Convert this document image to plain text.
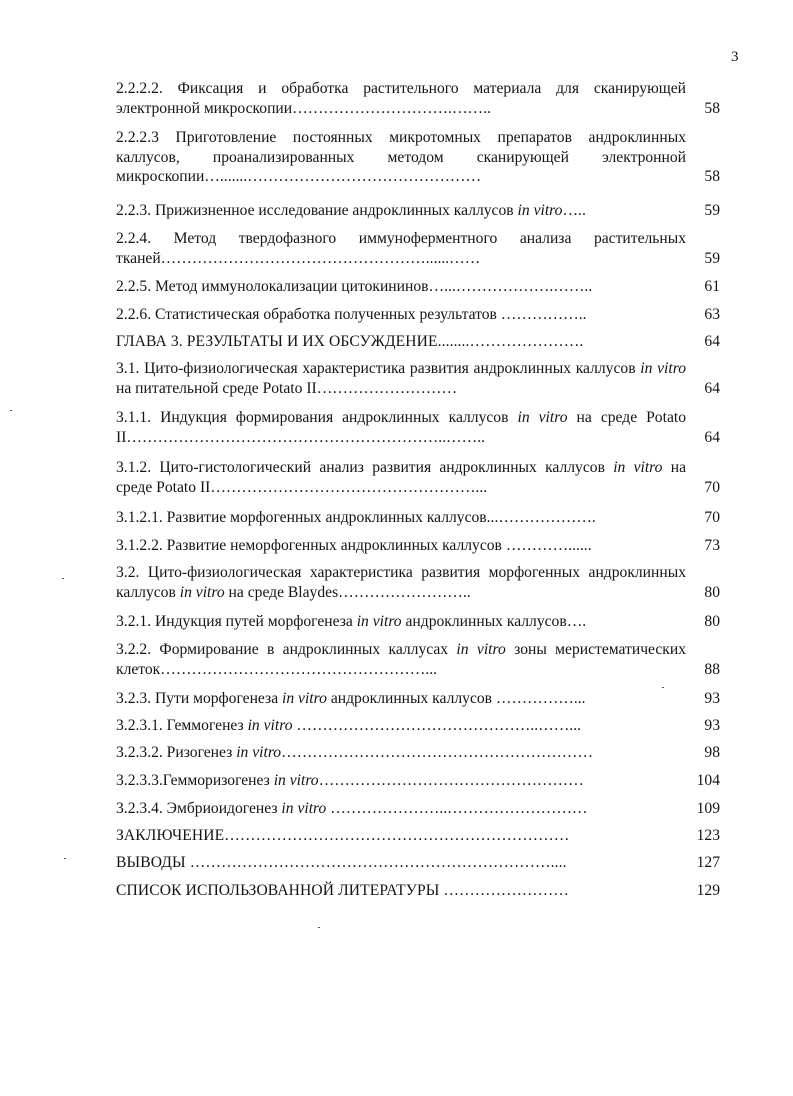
3
2.2.2.2. Фиксация и обработка растительного материала для сканирующей электронной микроскопии………………………….……..	58
2.2.2.3 Приготовление постоянных микротомных препаратов андроклинных каллусов, проанализированных методом сканирующей электронной микроскопии….......………………………………………	58
2.2.3. Прижизненное исследование андроклинных каллусов in vitro…..	59
2.2.4. Метод твердофазного иммуноферментного анализа растительных тканей……………………………………………......……	59
2.2.5. Метод иммунолокализации цитокининов…...……………….……..	61
2.2.6. Статистическая обработка полученных результатов ……………..	63
ГЛАВА 3. РЕЗУЛЬТАТЫ И ИХ ОБСУЖДЕНИЕ........………………….	64
3.1. Цито-физиологическая характеристика развития андроклинных каллусов in vitro на питательной среде Potato II………………………	64
3.1.1. Индукция формирования андроклинных каллусов in vitro на среде Potato II……………………………………………………..……..	64
3.1.2. Цито-гистологический анализ развития андроклинных каллусов in vitro на среде Potato II……………………………………………...	70
3.1.2.1. Развитие морфогенных андроклинных каллусов...……………….	70
3.1.2.2. Развитие неморфогенных андроклинных каллусов …………......	73
3.2. Цито-физиологическая характеристика развития морфогенных андроклинных каллусов in vitro на среде Blaydes……………………..	80
3.2.1. Индукция путей морфогенеза in vitro андроклинных каллусов….	80
3.2.2. Формирование в андроклинных каллусах in vitro зоны меристематических клеток……………………………………………...	88
3.2.3. Пути морфогенеза in vitro андроклинных каллусов ……………...	93
3.2.3.1. Геммогенез in vitro ………………………………………..……...	93
3.2.3.2. Ризогенез in vitro……………………………………………………	98
3.2.3.3.Гемморизогенез in vitro……………………………………………	104
3.2.3.4. Эмбриоидогенез in vitro …………………..………………………	109
ЗАКЛЮЧЕНИЕ…………………………………………………………	123
ВЫВОДЫ ……………………………………………………………....	127
СПИСОК ИСПОЛЬЗОВАННОЙ ЛИТЕРАТУРЫ ……………………	129
